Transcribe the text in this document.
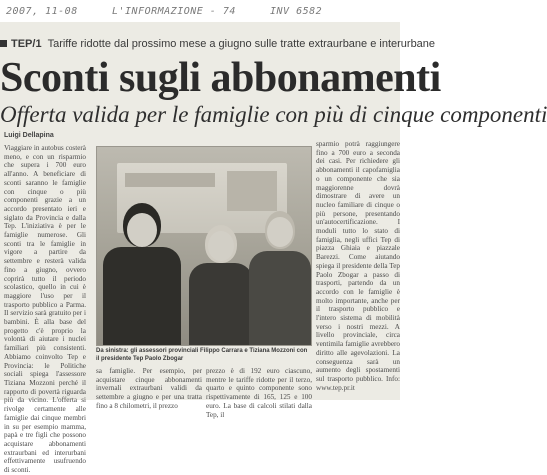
2007, 11-08	L'INFORMAZIONE - 74	INV 6582
TEP/1 Tariffe ridotte dal prossimo mese a giugno sulle tratte extraurbane e interurbane
Sconti sugli abbonamenti
Offerta valida per le famiglie con più di cinque componenti
Luigi Dellapina

Viaggiare in autobus costerà meno, e con un risparmio che supera i 700 euro all'anno. A beneficiare di sconti saranno le famiglie con cinque o più componenti grazie a un accordo presentato ieri e siglato da Provincia e dalla Tep. L'iniziativa è per le famiglie numerose. Gli sconti tra le famiglie in vigore a partire da settembre e resterà valida fino a giugno, ovvero coprirà tutto il periodo scolastico, quello in cui è maggiore l'uso per il trasporto pubblico a Parma. Il servizio sarà gratuito per i bambini. È alla base del progetto c'è proprio la volontà di aiutare i nuclei familiari più consistenti. Abbiamo coinvolto Tep e Provincia: le Politiche sociali spiega l'assessore Tiziana Mozzoni perché il rapporto di povertà riguarda più da vicino. L'offerta si rivolge certamente alle famiglie dai cinque membri in su per esempio mamma, papà e tre figli che possono acquistare abbonamenti extraurbani ed interurbani effettivamente usufruendo di sconti.

Da sinistra: gli assessori provinciali Filippo Carrara e Tiziana Mozzoni con il presidente Tep Paolo Zbogar

sa famiglie. Per esempio, per acquistare cinque abbonamenti invernali extraurbani validi da settembre a giugno e per una tratta fino a 8 chilometri, il prezzo

prezzo è di 192 euro ciascuno, mentre le tariffe ridotte per il terzo, quarto e quinto componente sono rispettivamente di 165, 125 e 100 euro. La base di calcoli stilati dalla Tep, il

sparmio potrà raggiungere fino a 700 euro a seconda dei casi. Per richiedere gli abbonamenti il capofamiglia o un componente che sia maggiorenne dovrà dimostrare di avere un nucleo familiare di cinque o più persone, presentando un'autocertificazione. I moduli tutto lo stato di famiglia, negli uffici Tep di piazza Ghiaia e piazzale Barezzi. Come aiutando spiega il presidente della Tep Paolo Zbogar a passo di trasporti, partendo da un accordo con le famiglie è molto importante, anche per il trasporto pubblico e l'intero sistema di mobilità verso i nostri mezzi. A livello provinciale, circa ventimila famiglie avrebbero diritto alle agevolazioni. La conseguenza sarà un aumento degli spostamenti sul trasporto pubblico. Info: www.tep.pr.it
